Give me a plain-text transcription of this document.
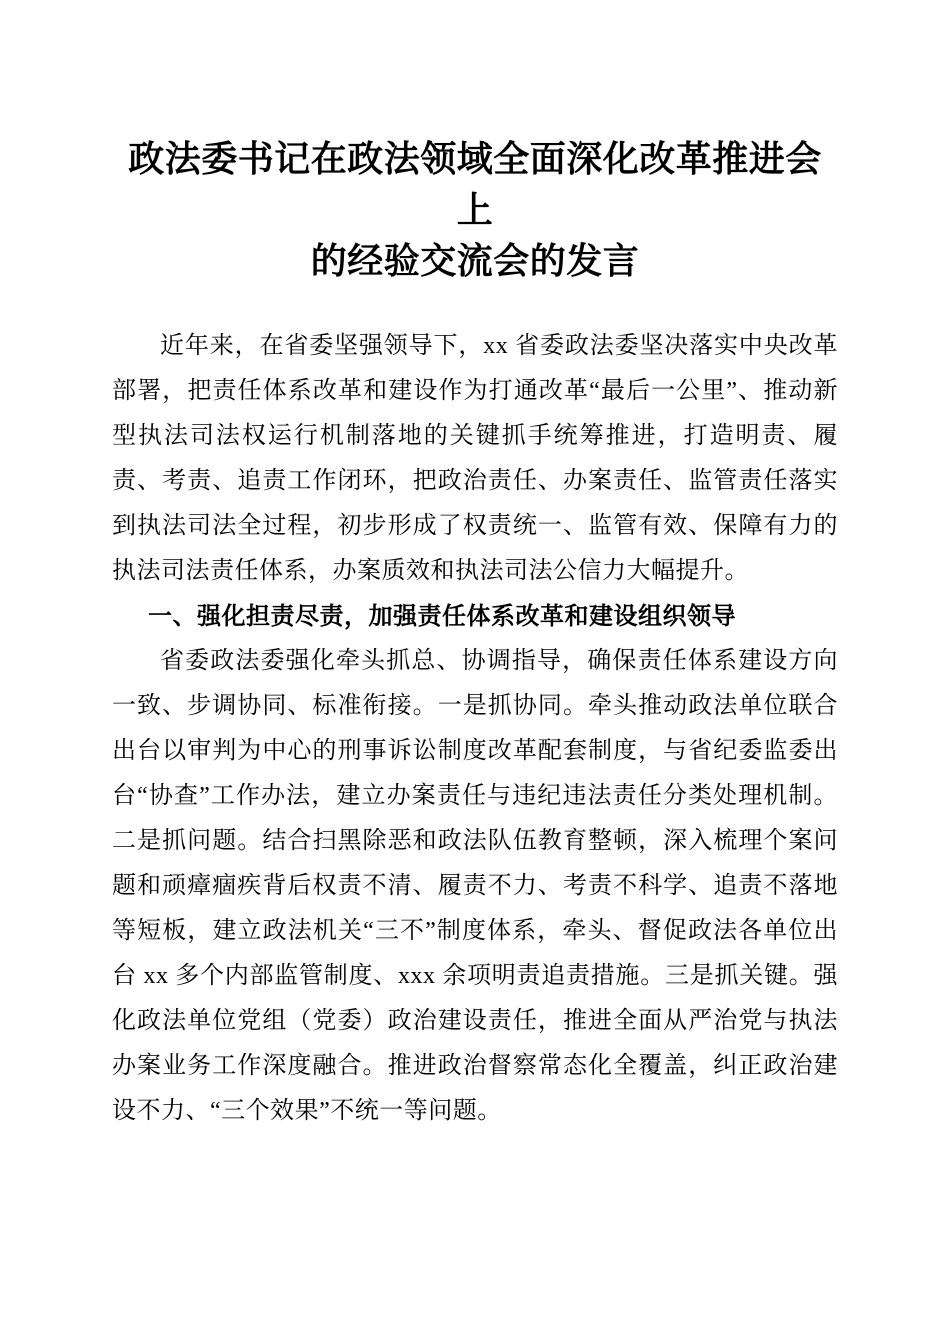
政法委书记在政法领域全面深化改革推进会上
的经验交流会的发言

近年来，在省委坚强领导下，xx 省委政法委坚决落实中央改革部署，把责任体系改革和建设作为打通改革“最后一公里”、推动新型执法司法权运行机制落地的关键抓手统筹推进，打造明责、履责、考责、追责工作闭环，把政治责任、办案责任、监管责任落实到执法司法全过程，初步形成了权责统一、监管有效、保障有力的执法司法责任体系，办案质效和执法司法公信力大幅提升。

一、强化担责尽责，加强责任体系改革和建设组织领导

省委政法委强化牵头抓总、协调指导，确保责任体系建设方向一致、步调协同、标准衔接。一是抓协同。牵头推动政法单位联合出台以审判为中心的刑事诉讼制度改革配套制度，与省纪委监委出台“协查”工作办法，建立办案责任与违纪违法责任分类处理机制。二是抓问题。结合扫黑除恶和政法队伍教育整顿，深入梳理个案问题和顽瘴痼疾背后权责不清、履责不力、考责不科学、追责不落地等短板，建立政法机关“三不”制度体系，牵头、督促政法各单位出台 xx 多个内部监管制度、xxx 余项明责追责措施。三是抓关键。强化政法单位党组（党委）政治建设责任，推进全面从严治党与执法办案业务工作深度融合。推进政治督察常态化全覆盖，纠正政治建设不力、“三个效果”不统一等问题。
